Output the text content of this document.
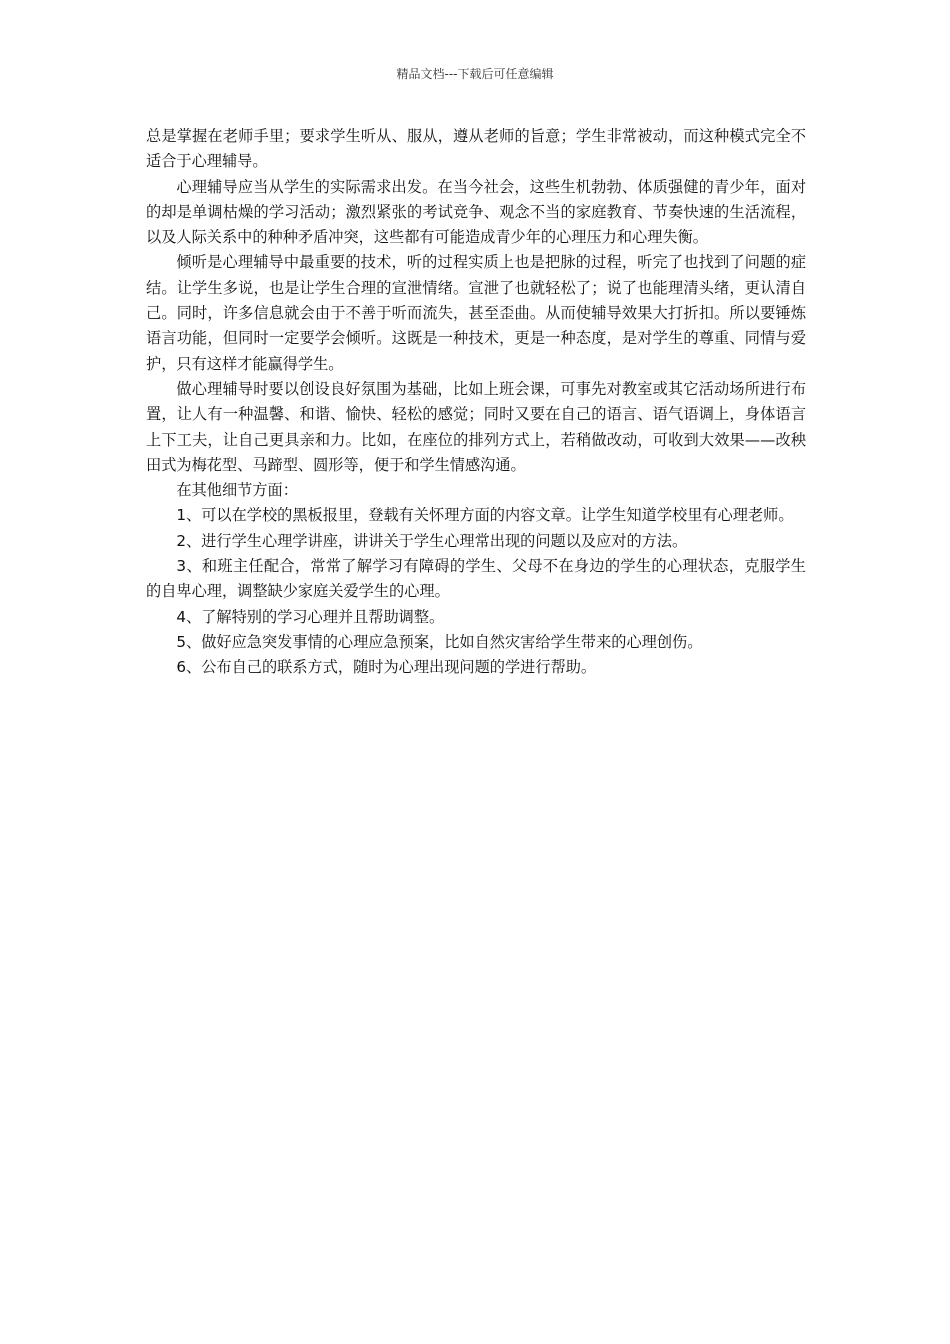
精品文档---下载后可任意编辑

总是掌握在老师手里；要求学生听从、服从，遵从老师的旨意；学生非常被动，而这种模式完全不适合于心理辅导。

心理辅导应当从学生的实际需求出发。在当今社会，这些生机勃勃、体质强健的青少年，面对的却是单调枯燥的学习活动；激烈紧张的考试竞争、观念不当的家庭教育、节奏快速的生活流程，以及人际关系中的种种矛盾冲突，这些都有可能造成青少年的心理压力和心理失衡。

倾听是心理辅导中最重要的技术，听的过程实质上也是把脉的过程，听完了也找到了问题的症结。让学生多说，也是让学生合理的宣泄情绪。宣泄了也就轻松了；说了也能理清头绪，更认清自己。同时，许多信息就会由于不善于听而流失，甚至歪曲。从而使辅导效果大打折扣。所以要锤炼语言功能，但同时一定要学会倾听。这既是一种技术，更是一种态度，是对学生的尊重、同情与爱护，只有这样才能赢得学生。

做心理辅导时要以创设良好氛围为基础，比如上班会课，可事先对教室或其它活动场所进行布置，让人有一种温馨、和谐、愉快、轻松的感觉；同时又要在自己的语言、语气语调上，身体语言上下工夫，让自己更具亲和力。比如，在座位的排列方式上，若稍做改动，可收到大效果——改秧田式为梅花型、马蹄型、圆形等，便于和学生情感沟通。

在其他细节方面：

1、可以在学校的黑板报里，登载有关怀理方面的内容文章。让学生知道学校里有心理老师。

2、进行学生心理学讲座，讲讲关于学生心理常出现的问题以及应对的方法。

3、和班主任配合，常常了解学习有障碍的学生、父母不在身边的学生的心理状态，克服学生的自卑心理，调整缺少家庭关爱学生的心理。

4、了解特别的学习心理并且帮助调整。

5、做好应急突发事情的心理应急预案，比如自然灾害给学生带来的心理创伤。

6、公布自己的联系方式，随时为心理出现问题的学进行帮助。
